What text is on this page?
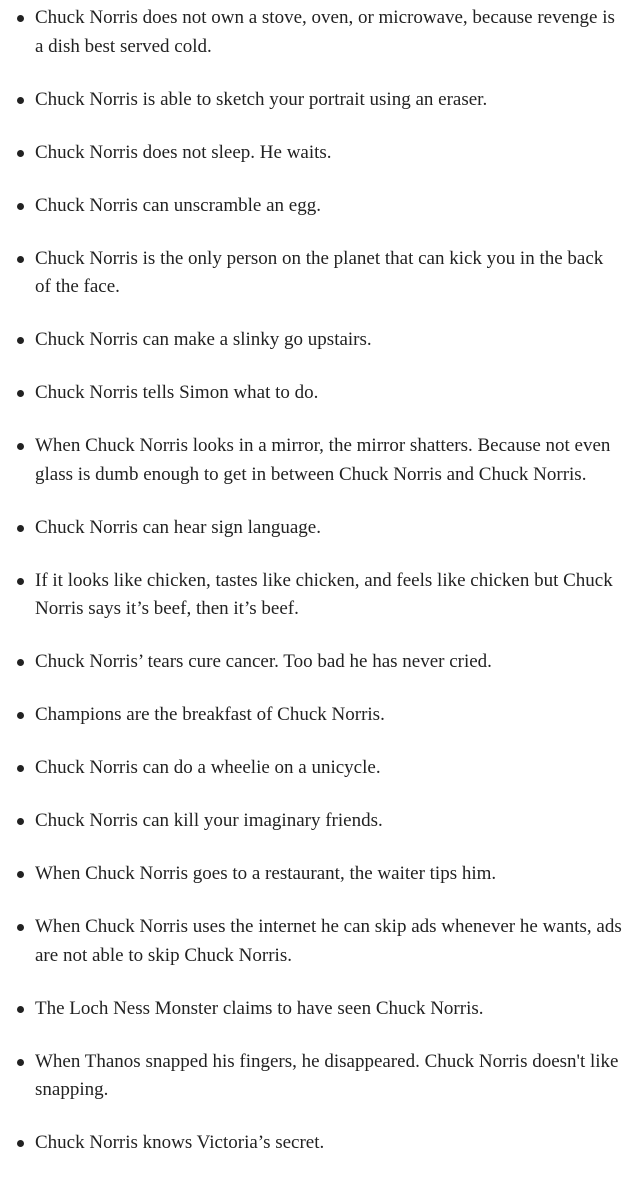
Chuck Norris does not own a stove, oven, or microwave, because revenge is a dish best served cold.
Chuck Norris is able to sketch your portrait using an eraser.
Chuck Norris does not sleep. He waits.
Chuck Norris can unscramble an egg.
Chuck Norris is the only person on the planet that can kick you in the back of the face.
Chuck Norris can make a slinky go upstairs.
Chuck Norris tells Simon what to do.
When Chuck Norris looks in a mirror, the mirror shatters. Because not even glass is dumb enough to get in between Chuck Norris and Chuck Norris.
Chuck Norris can hear sign language.
If it looks like chicken, tastes like chicken, and feels like chicken but Chuck Norris says it’s beef, then it’s beef.
Chuck Norris’ tears cure cancer. Too bad he has never cried.
Champions are the breakfast of Chuck Norris.
Chuck Norris can do a wheelie on a unicycle.
Chuck Norris can kill your imaginary friends.
When Chuck Norris goes to a restaurant, the waiter tips him.
When Chuck Norris uses the internet he can skip ads whenever he wants, ads are not able to skip Chuck Norris.
The Loch Ness Monster claims to have seen Chuck Norris.
When Thanos snapped his fingers, he disappeared. Chuck Norris doesn't like snapping.
Chuck Norris knows Victoria’s secret.
